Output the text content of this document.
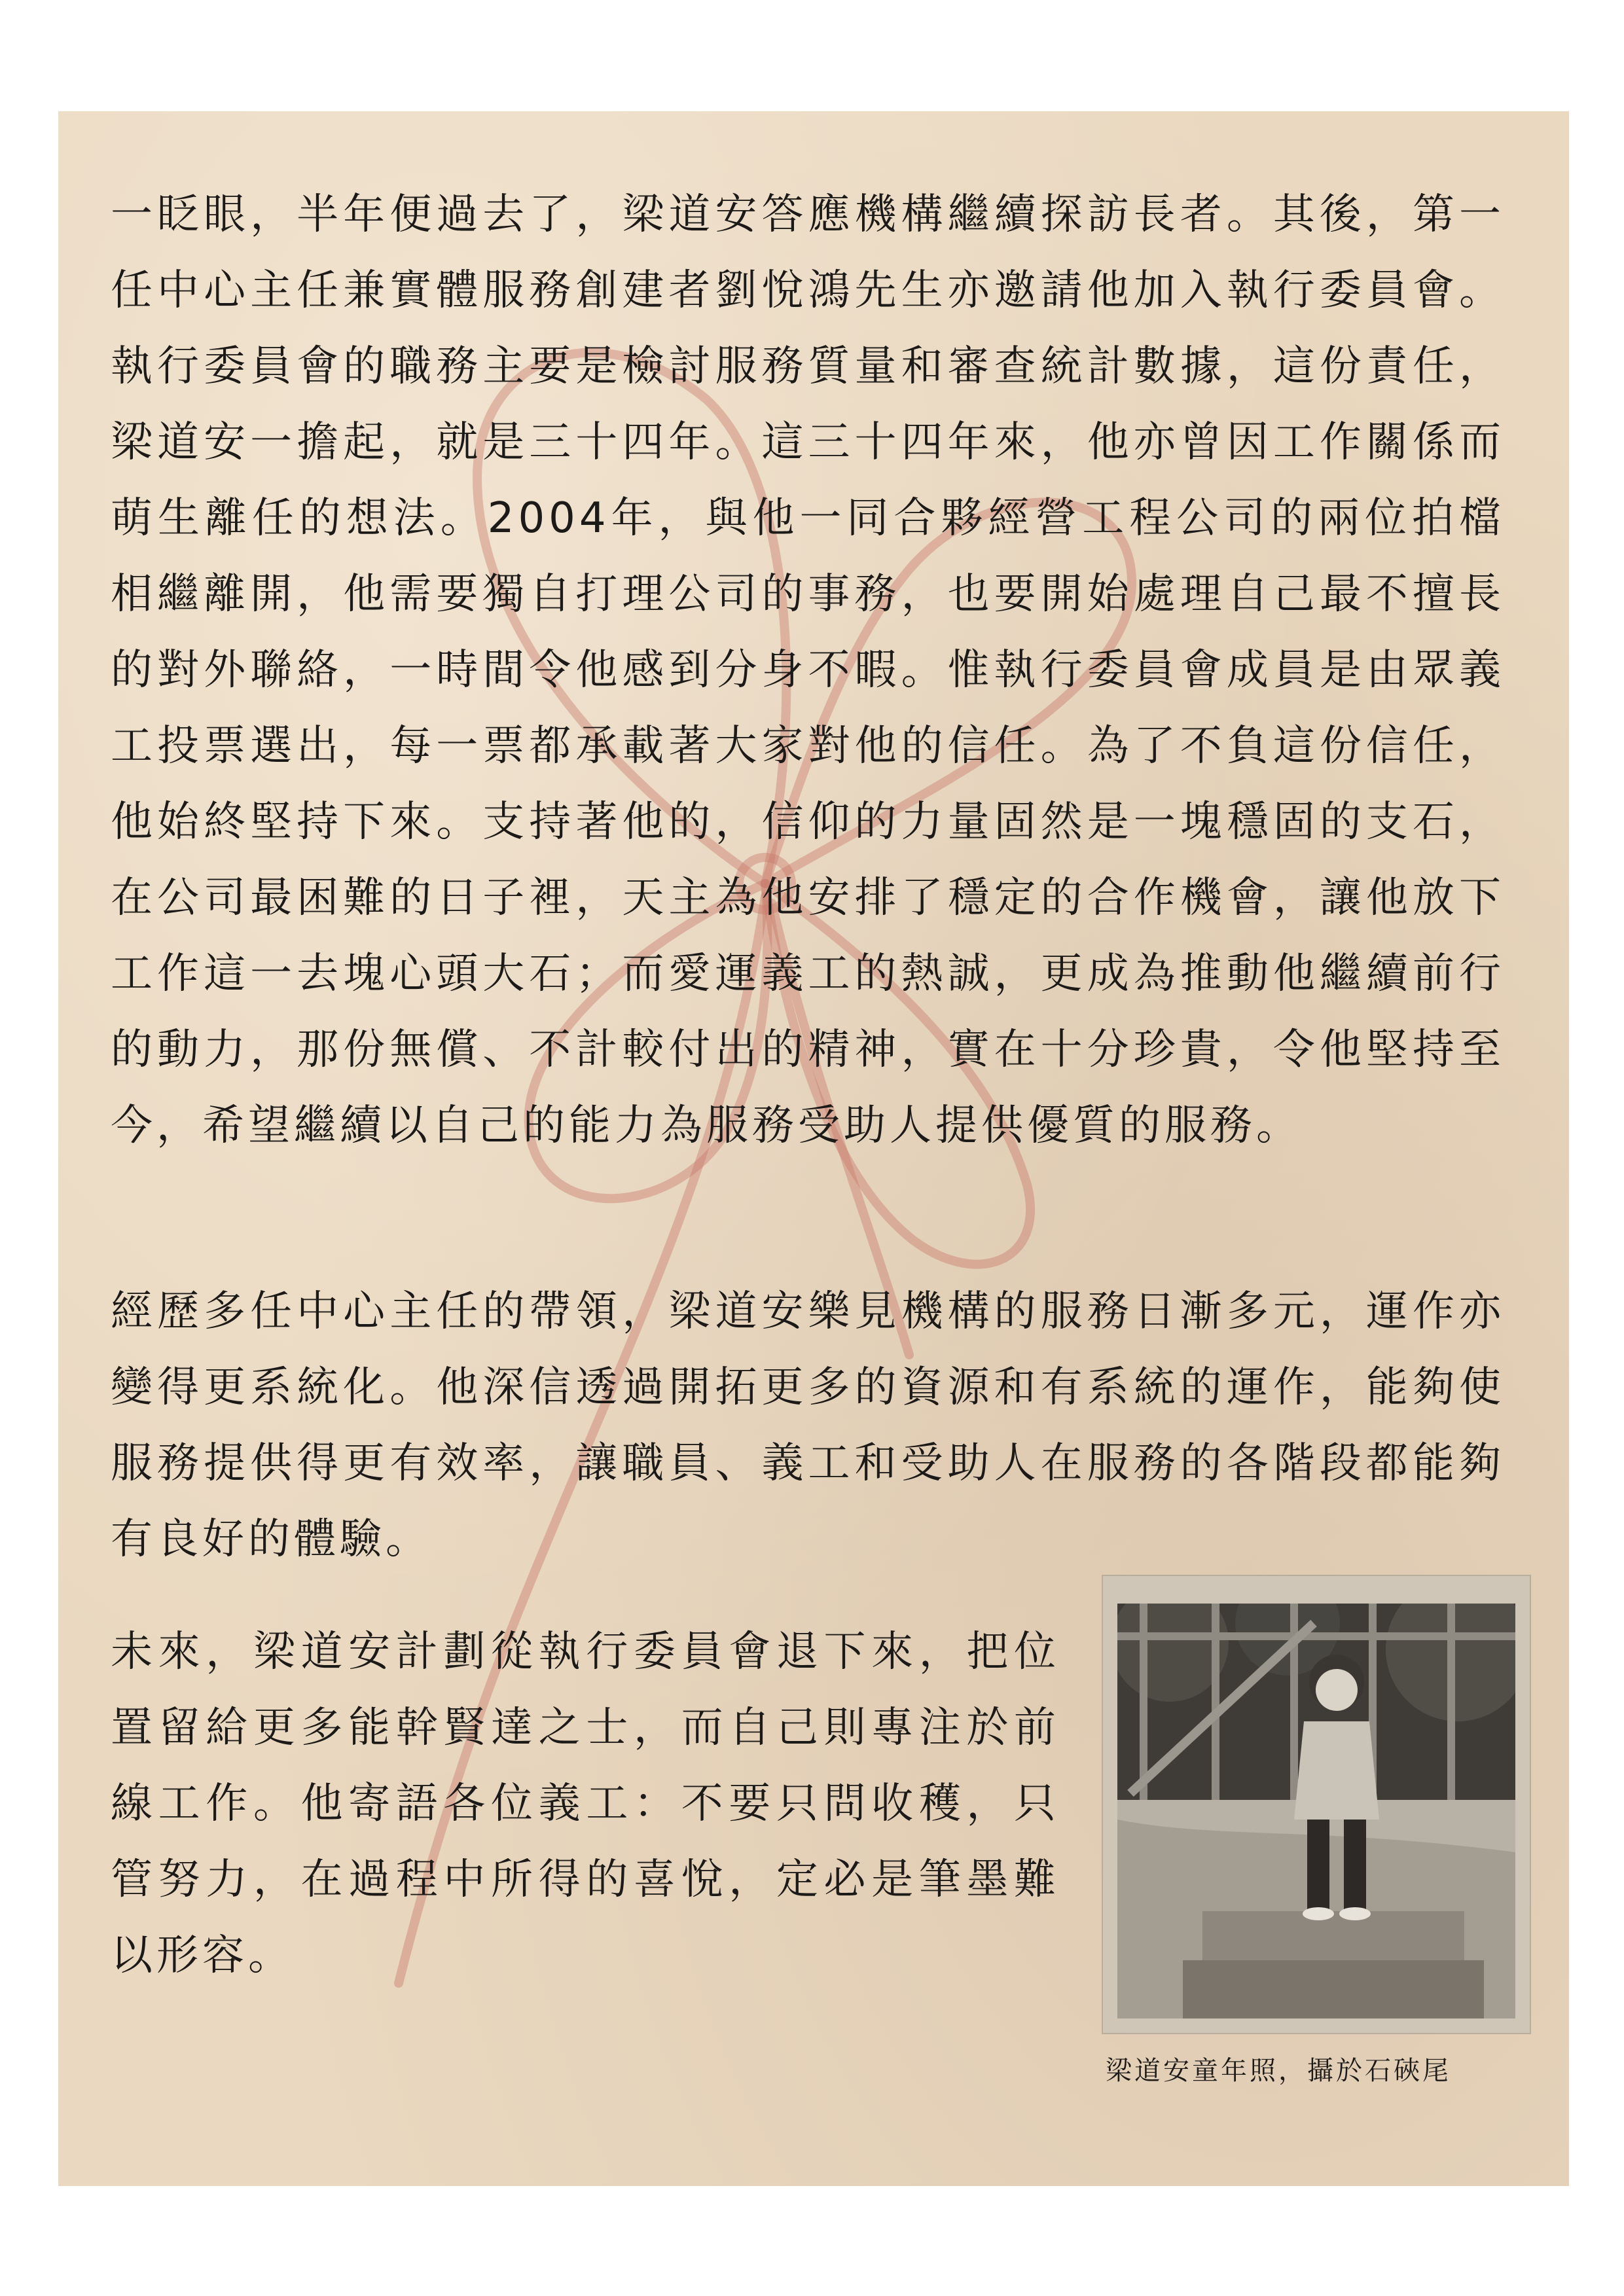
一眨眼，半年便過去了，梁道安答應機構繼續探訪長者。其後，第一任中心主任兼實體服務創建者劉悅鴻先生亦邀請他加入執行委員會。執行委員會的職務主要是檢討服務質量和審查統計數據，這份責任，梁道安一擔起，就是三十四年。這三十四年來，他亦曾因工作關係而萌生離任的想法。2004年，與他一同合夥經營工程公司的兩位拍檔相繼離開，他需要獨自打理公司的事務，也要開始處理自己最不擅長的對外聯絡，一時間令他感到分身不暇。惟執行委員會成員是由眾義工投票選出，每一票都承載著大家對他的信任。為了不負這份信任，他始終堅持下來。支持著他的，信仰的力量固然是一塊穩固的支石，在公司最困難的日子裡，天主為他安排了穩定的合作機會，讓他放下工作這一去塊心頭大石；而愛運義工的熱誠，更成為推動他繼續前行的動力，那份無償、不計較付出的精神，實在十分珍貴，令他堅持至今，希望繼續以自己的能力為服務受助人提供優質的服務。

經歷多任中心主任的帶領，梁道安樂見機構的服務日漸多元，運作亦變得更系統化。他深信透過開拓更多的資源和有系統的運作，能夠使服務提供得更有效率，讓職員、義工和受助人在服務的各階段都能夠有良好的體驗。

未來，梁道安計劃從執行委員會退下來，把位置留給更多能幹賢達之士，而自己則專注於前線工作。他寄語各位義工：不要只問收穫，只管努力，在過程中所得的喜悅，定必是筆墨難以形容。

梁道安童年照，攝於石硤尾
